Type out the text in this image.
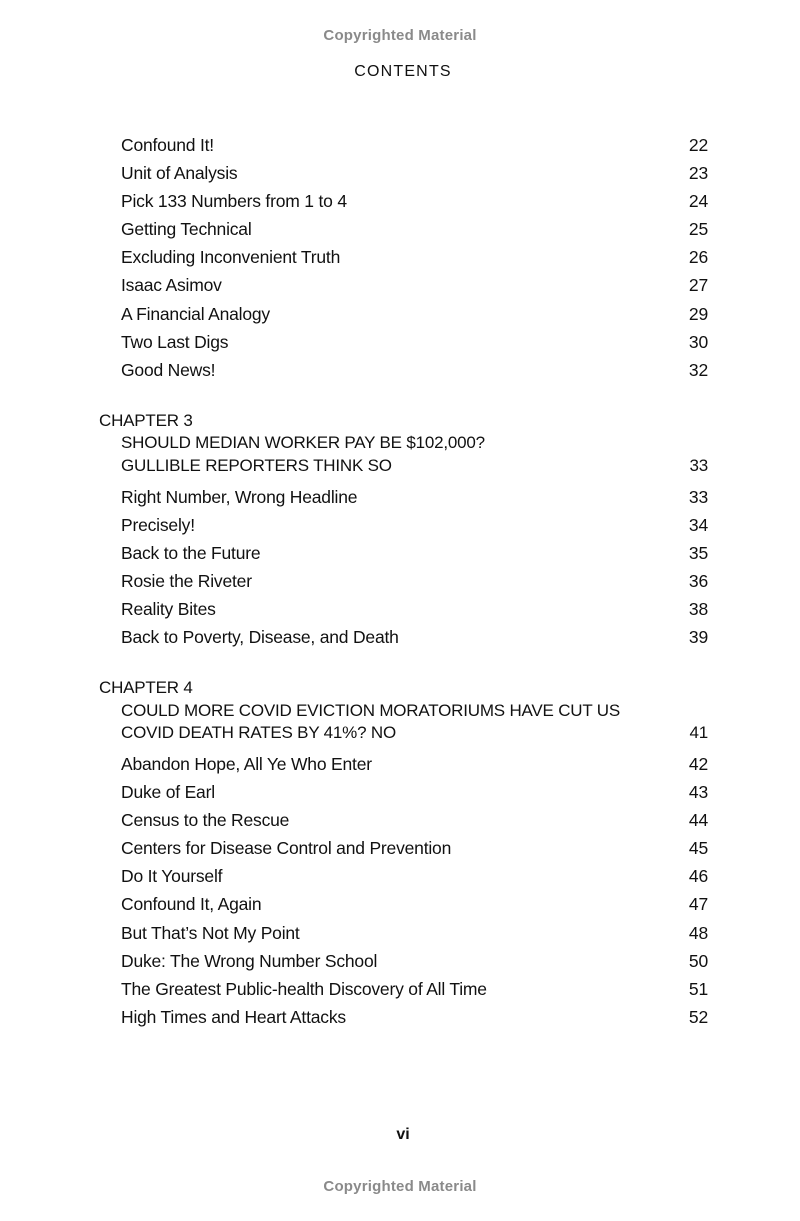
Copyrighted Material
CONTENTS
Confound It!	22
Unit of Analysis	23
Pick 133 Numbers from 1 to 4	24
Getting Technical	25
Excluding Inconvenient Truth	26
Isaac Asimov	27
A Financial Analogy	29
Two Last Digs	30
Good News!	32
CHAPTER 3
SHOULD MEDIAN WORKER PAY BE $102,000?
GULLIBLE REPORTERS THINK SO	33
Right Number, Wrong Headline	33
Precisely!	34
Back to the Future	35
Rosie the Riveter	36
Reality Bites	38
Back to Poverty, Disease, and Death	39
CHAPTER 4
COULD MORE COVID EVICTION MORATORIUMS HAVE CUT US
COVID DEATH RATES BY 41%? NO	41
Abandon Hope, All Ye Who Enter	42
Duke of Earl	43
Census to the Rescue	44
Centers for Disease Control and Prevention	45
Do It Yourself	46
Confound It, Again	47
But That’s Not My Point	48
Duke: The Wrong Number School	50
The Greatest Public-health Discovery of All Time	51
High Times and Heart Attacks	52
vi
Copyrighted Material
